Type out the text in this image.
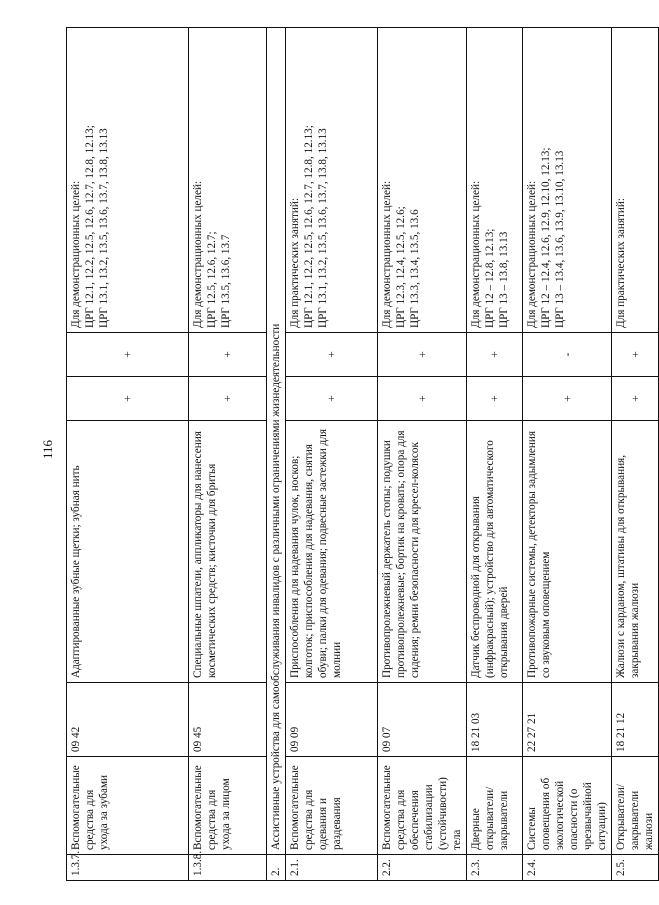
116
1.3.7.	Вспомогательные средства для ухода за зубами	09 42	Адаптированные зубные щетки; зубная нить	+	+	Для демонстрационных целей:
ЦРГ 12.1, 12.2, 12.5, 12.6, 12.7, 12.8, 12.13;
ЦРГ 13.1, 13.2, 13.5, 13.6, 13.7, 13.8, 13.13
1.3.8.	Вспомогательные средства для ухода за лицом	09 45	Специальные шпатели, аппликаторы для нанесения косметических средств; кисточки для бритья	+	+	Для демонстрационных целей:
ЦРГ 12.5, 12.6, 12.7;
ЦРГ 13.5, 13.6, 13.7
2.	Ассистивные устройства для самообслуживания инвалидов с различными ограничениями жизнедеятельности					
2.1.	Вспомогательные средства для одевания и раздевания	09 09	Приспособления для надевания чулок, носков; колготок; приспособления для надевания, снятия обуви; палки для одевания; подвесные застежки для молнии	+	+	Для практических занятий:
ЦРГ 12.1, 12.2, 12.5, 12.6, 12.7, 12.8, 12.13;
ЦРГ 13.1, 13.2, 13.5, 13.6, 13.7, 13.8, 13.13
2.2.	Вспомогательные средства для обеспечения стабилизации (устойчивости) тела	09 07	Противопролежневый держатель стопы; подушки противопролежневые; бортик на кровать; опора для сидения; ремни безопасности для кресел-колясок	+	+	Для демонстрационных целей:
ЦРГ 12.3, 12.4, 12.5, 12.6;
ЦРГ 13.3, 13.4, 13.5, 13.6
2.3.	Дверные открыватели/закрыватели	18 21 03	Датчик беспроводной для открывания (инфракрасный); устройство для автоматического открывания дверей	+	+	Для демонстрационных целей:
ЦРГ 12 – 12.8, 12.13;
ЦРГ 13 – 13.8, 13.13
2.4.	Системы оповещения об экологической опасности (о чрезвычайной ситуации)	22 27 21	Противопожарные системы, детекторы задымления со звуковым оповещением	+	-	Для демонстрационных целей:
ЦРГ 12 – 12.4, 12.6, 12.9, 12.10, 12.13;
ЦРГ 13 – 13.4, 13.6, 13.9, 13.10, 13.13
2.5.	Открыватели/закрыватели жалюзи	18 21 12	Жалюзи с карданом, штативы для открывания, закрывания жалюзи	+	+	Для практических занятий:
